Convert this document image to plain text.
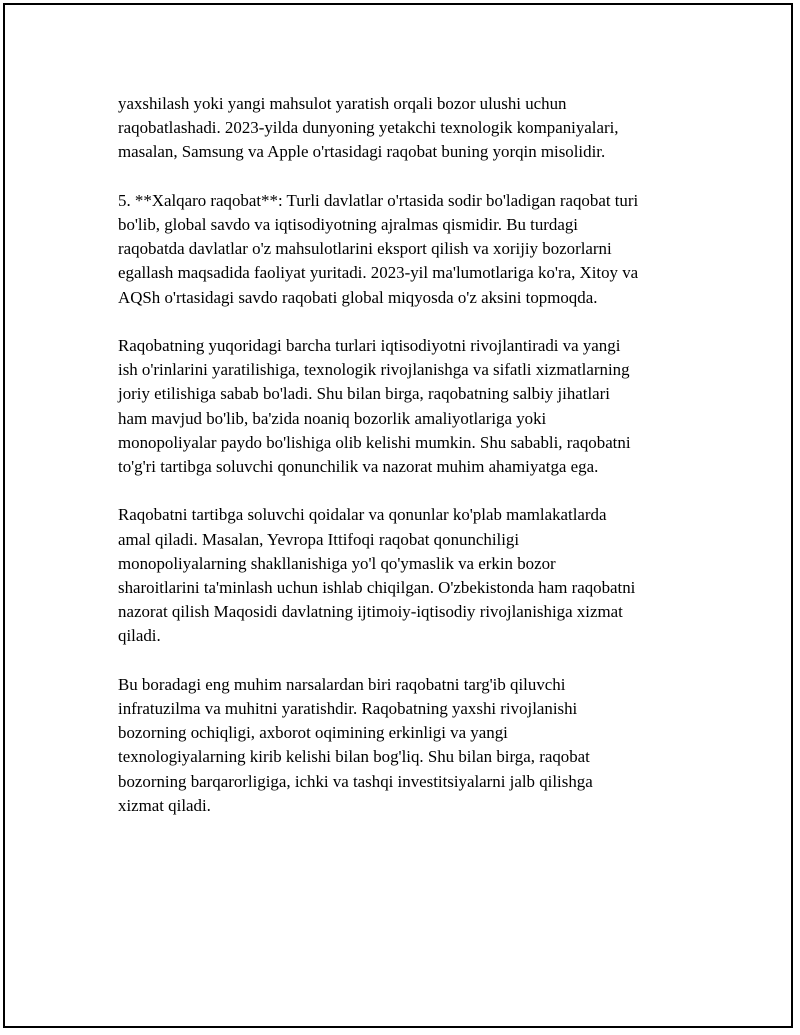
yaxshilash yoki yangi mahsulot yaratish orqali bozor ulushi uchun
raqobatlashadi. 2023-yilda dunyoning yetakchi texnologik kompaniyalari,
masalan, Samsung va Apple o'rtasidagi raqobat buning yorqin misolidir.

5. **Xalqaro raqobat**: Turli davlatlar o'rtasida sodir bo'ladigan raqobat turi
bo'lib, global savdo va iqtisodiyotning ajralmas qismidir. Bu turdagi
raqobatda davlatlar o'z mahsulotlarini eksport qilish va xorijiy bozorlarni
egallash maqsadida faoliyat yuritadi. 2023-yil ma'lumotlariga ko'ra, Xitoy va
AQSh o'rtasidagi savdo raqobati global miqyosda o'z aksini topmoqda.

Raqobatning yuqoridagi barcha turlari iqtisodiyotni rivojlantiradi va yangi
ish o'rinlarini yaratilishiga, texnologik rivojlanishga va sifatli xizmatlarning
joriy etilishiga sabab bo'ladi. Shu bilan birga, raqobatning salbiy jihatlari
ham mavjud bo'lib, ba'zida noaniq bozorlik amaliyotlariga yoki
monopoliyalar paydo bo'lishiga olib kelishi mumkin. Shu sababli, raqobatni
to'g'ri tartibga soluvchi qonunchilik va nazorat muhim ahamiyatga ega.

Raqobatni tartibga soluvchi qoidalar va qonunlar ko'plab mamlakatlarda
amal qiladi. Masalan, Yevropa Ittifoqi raqobat qonunchiligi
monopoliyalarning shakllanishiga yo'l qo'ymaslik va erkin bozor
sharoitlarini ta'minlash uchun ishlab chiqilgan. O'zbekistonda ham raqobatni
nazorat qilish Maqosidi davlatning ijtimoiy-iqtisodiy rivojlanishiga xizmat
qiladi.

Bu boradagi eng muhim narsalardan biri raqobatni targ'ib qiluvchi
infratuzilma va muhitni yaratishdir. Raqobatning yaxshi rivojlanishi
bozorning ochiqligi, axborot oqimining erkinligi va yangi
texnologiyalarning kirib kelishi bilan bog'liq. Shu bilan birga, raqobat
bozorning barqarorligiga, ichki va tashqi investitsiyalarni jalb qilishga
xizmat qiladi.
